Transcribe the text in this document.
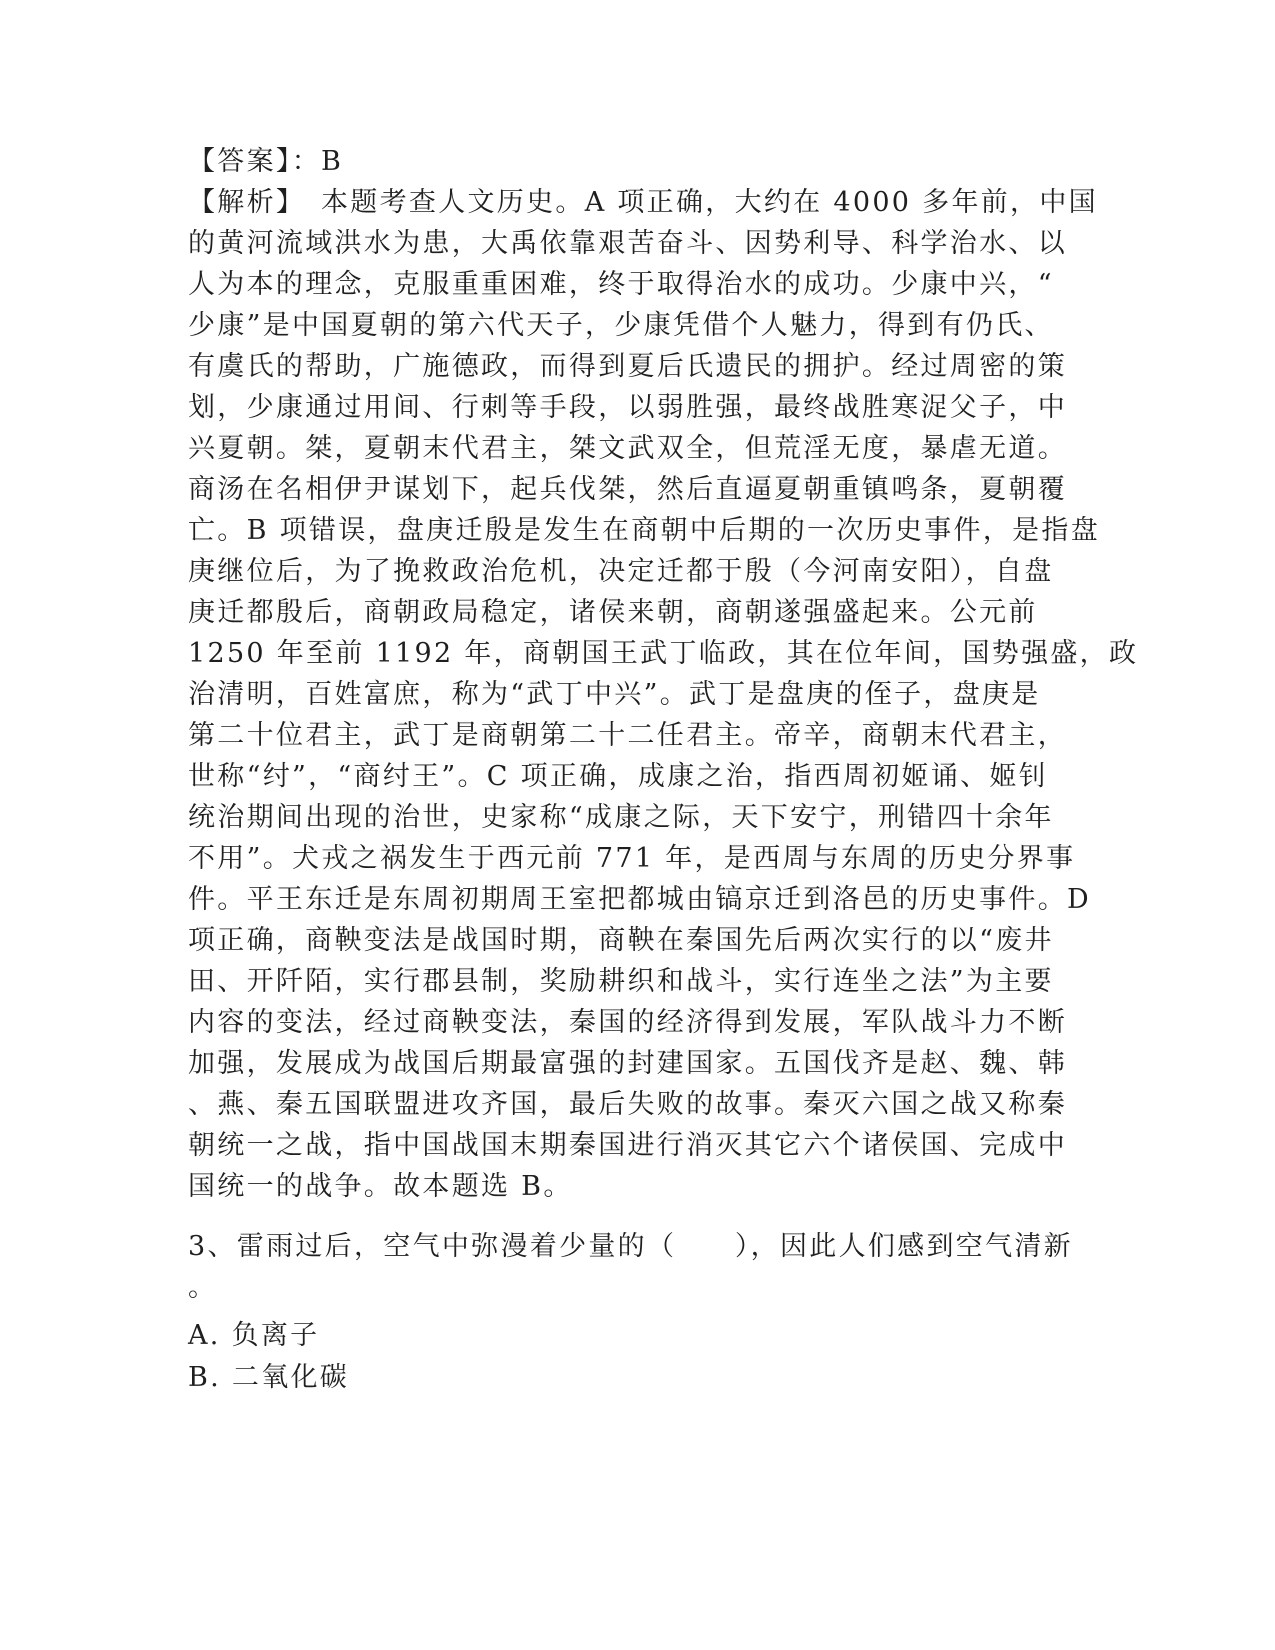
【答案】：B
【解析】　本题考查人文历史。A 项正确，大约在 4000 多年前，中国
的黄河流域洪水为患，大禹依靠艰苦奋斗、因势利导、科学治水、以
人为本的理念，克服重重困难，终于取得治水的成功。少康中兴，“
少康”是中国夏朝的第六代天子，少康凭借个人魅力，得到有仍氏、
有虞氏的帮助，广施德政，而得到夏后氏遗民的拥护。经过周密的策
划，少康通过用间、行刺等手段，以弱胜强，最终战胜寒浞父子，中
兴夏朝。桀，夏朝末代君主，桀文武双全，但荒淫无度，暴虐无道。
商汤在名相伊尹谋划下，起兵伐桀，然后直逼夏朝重镇鸣条，夏朝覆
亡。B 项错误，盘庚迁殷是发生在商朝中后期的一次历史事件，是指盘
庚继位后，为了挽救政治危机，决定迁都于殷（今河南安阳），自盘
庚迁都殷后，商朝政局稳定，诸侯来朝，商朝遂强盛起来。公元前
1250 年至前 1192 年，商朝国王武丁临政，其在位年间，国势强盛，政
治清明，百姓富庶，称为“武丁中兴”。武丁是盘庚的侄子，盘庚是
第二十位君主，武丁是商朝第二十二任君主。帝辛，商朝末代君主，
世称“纣”，“商纣王”。C 项正确，成康之治，指西周初姬诵、姬钊
统治期间出现的治世，史家称“成康之际，天下安宁，刑错四十余年
不用”。犬戎之祸发生于西元前 771 年，是西周与东周的历史分界事
件。平王东迁是东周初期周王室把都城由镐京迁到洛邑的历史事件。D
项正确，商鞅变法是战国时期，商鞅在秦国先后两次实行的以“废井
田、开阡陌，实行郡县制，奖励耕织和战斗，实行连坐之法”为主要
内容的变法，经过商鞅变法，秦国的经济得到发展，军队战斗力不断
加强，发展成为战国后期最富强的封建国家。五国伐齐是赵、魏、韩
、燕、秦五国联盟进攻齐国，最后失败的故事。秦灭六国之战又称秦
朝统一之战，指中国战国末期秦国进行消灭其它六个诸侯国、完成中
国统一的战争。故本题选 B。
3、雷雨过后，空气中弥漫着少量的（　　），因此人们感到空气清新
。
A. 负离子
B. 二氧化碳
